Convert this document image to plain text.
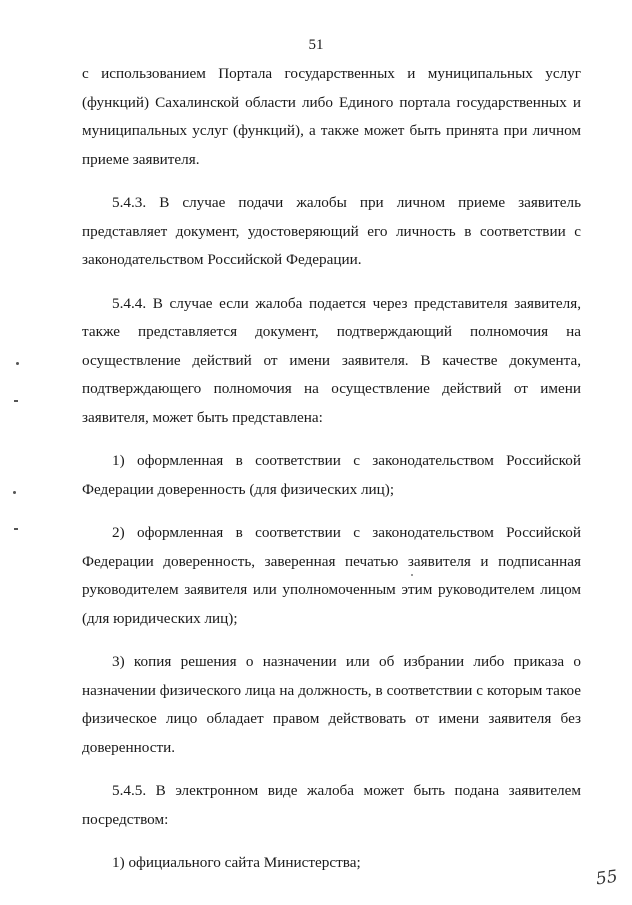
51

с использованием Портала государственных и муниципальных услуг (функций) Сахалинской области либо Единого портала государственных и муниципальных услуг (функций), а также может быть принята при личном приеме заявителя.

5.4.3. В случае подачи жалобы при личном приеме заявитель представляет документ, удостоверяющий его личность в соответствии с законодательством Российской Федерации.

5.4.4. В случае если жалоба подается через представителя заявителя, также представляется документ, подтверждающий полномочия на осуществление действий от имени заявителя. В качестве документа, подтверждающего полномочия на осуществление действий от имени заявителя, может быть представлена:

1) оформленная в соответствии с законодательством Российской Федерации доверенность (для физических лиц);

2) оформленная в соответствии с законодательством Российской Федерации доверенность, заверенная печатью заявителя и подписанная руководителем заявителя или уполномоченным этим руководителем лицом (для юридических лиц);

3) копия решения о назначении или об избрании либо приказа о назначении физического лица на должность, в соответствии с которым такое физическое лицо обладает правом действовать от имени заявителя без доверенности.

5.4.5. В электронном виде жалоба может быть подана заявителем посредством:

1) официального сайта Министерства;

55
